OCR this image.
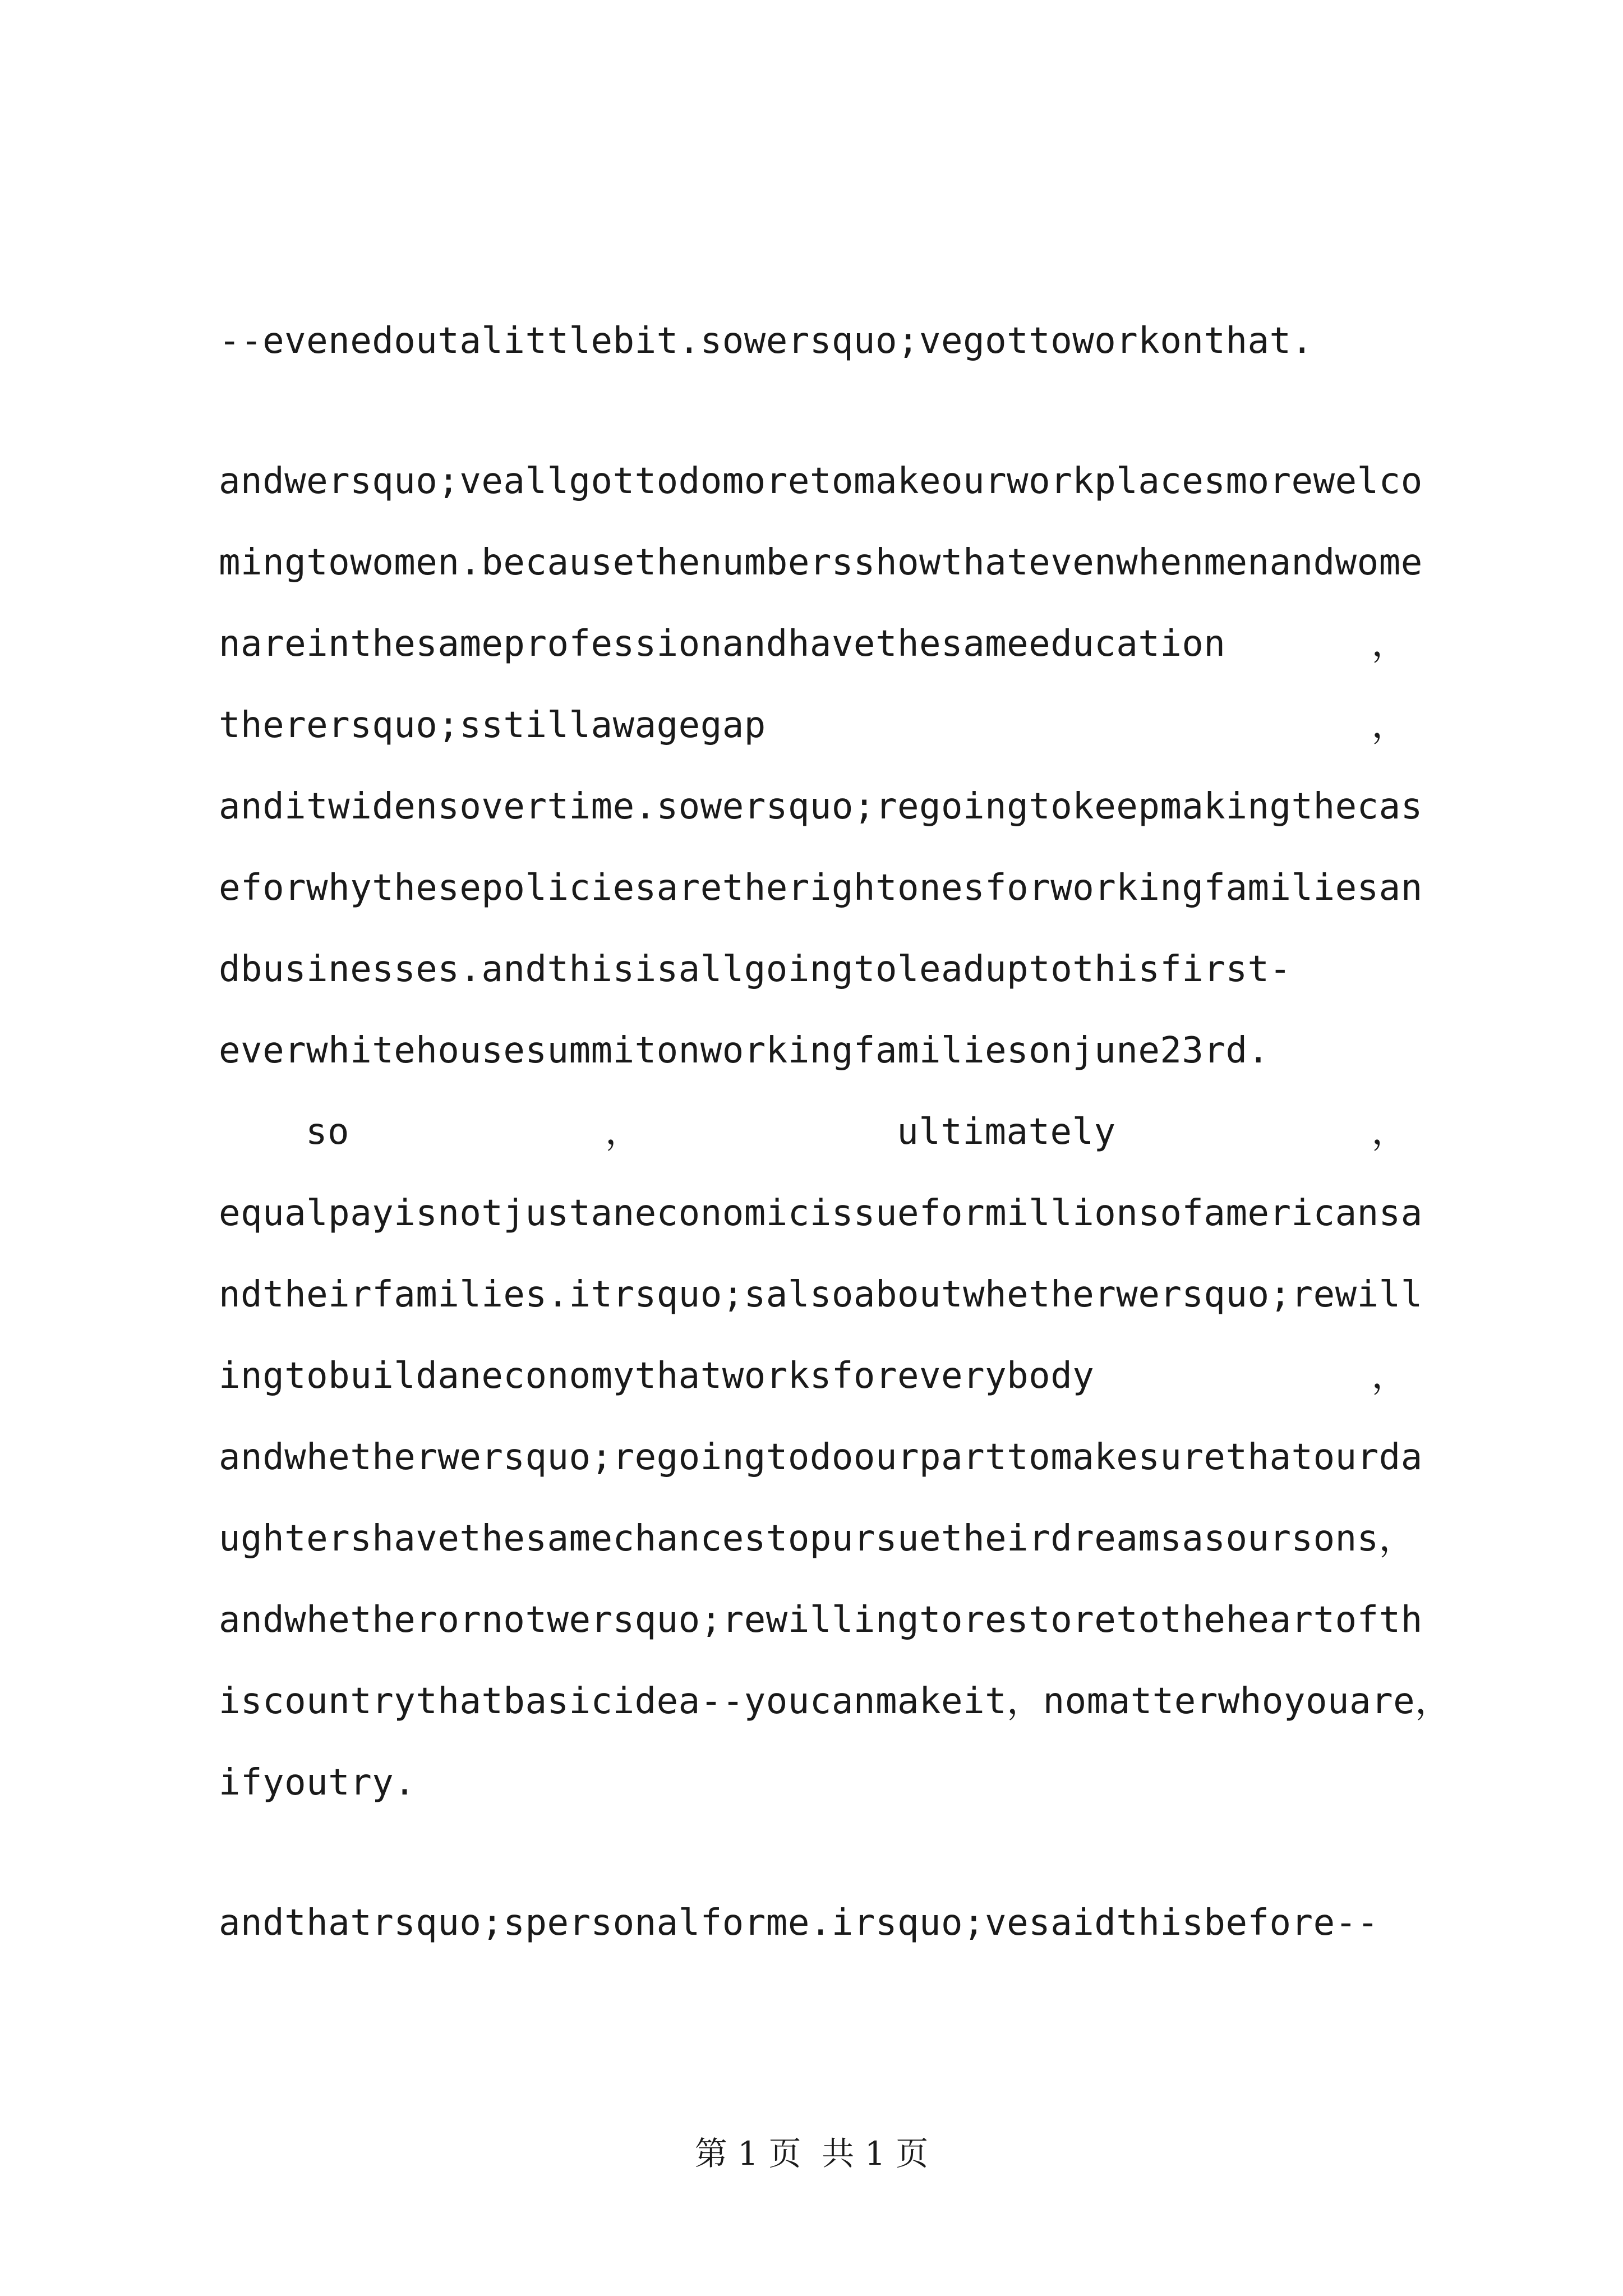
--evenedoutalittlebit.sowersquo;vegottoworkonthat.
andwersquo;veallgottodomoretomakeourworkplacesmorewelco
mingtowomen.becausethenumbersshowthatevenwhenmenandwome
nareinthesameprofessionandhavethesameeducation	，
therersquo;sstillawagegap	，
anditwidensovertime.sowersquo;regoingtokeepmakingthecas
eforwhythesepoliciesaretherightonesforworkingfamiliesan
dbusinesses.andthisisallgoingtoleaduptothisfirst-
everwhitehousesummitonworkingfamiliesonjune23rd.
so	，	ultimately	，
equalpayisnotjustaneconomicissueformillionsofamericansa
ndtheirfamilies.itrsquo;salsoaboutwhetherwersquo;rewill
ingtobuildaneconomythatworksforeverybody	，
andwhetherwersquo;regoingtodoourparttomakesurethatourda
ughtershavethesamechancestopursuetheirdreamsasoursons，
andwhetherornotwersquo;rewillingtorestoretotheheartofth
iscountrythatbasicidea--youcanmakeit，nomatterwhoyouare，
ifyoutry.
andthatrsquo;spersonalforme.irsquo;vesaidthisbefore--
第 1 页  共 1 页
